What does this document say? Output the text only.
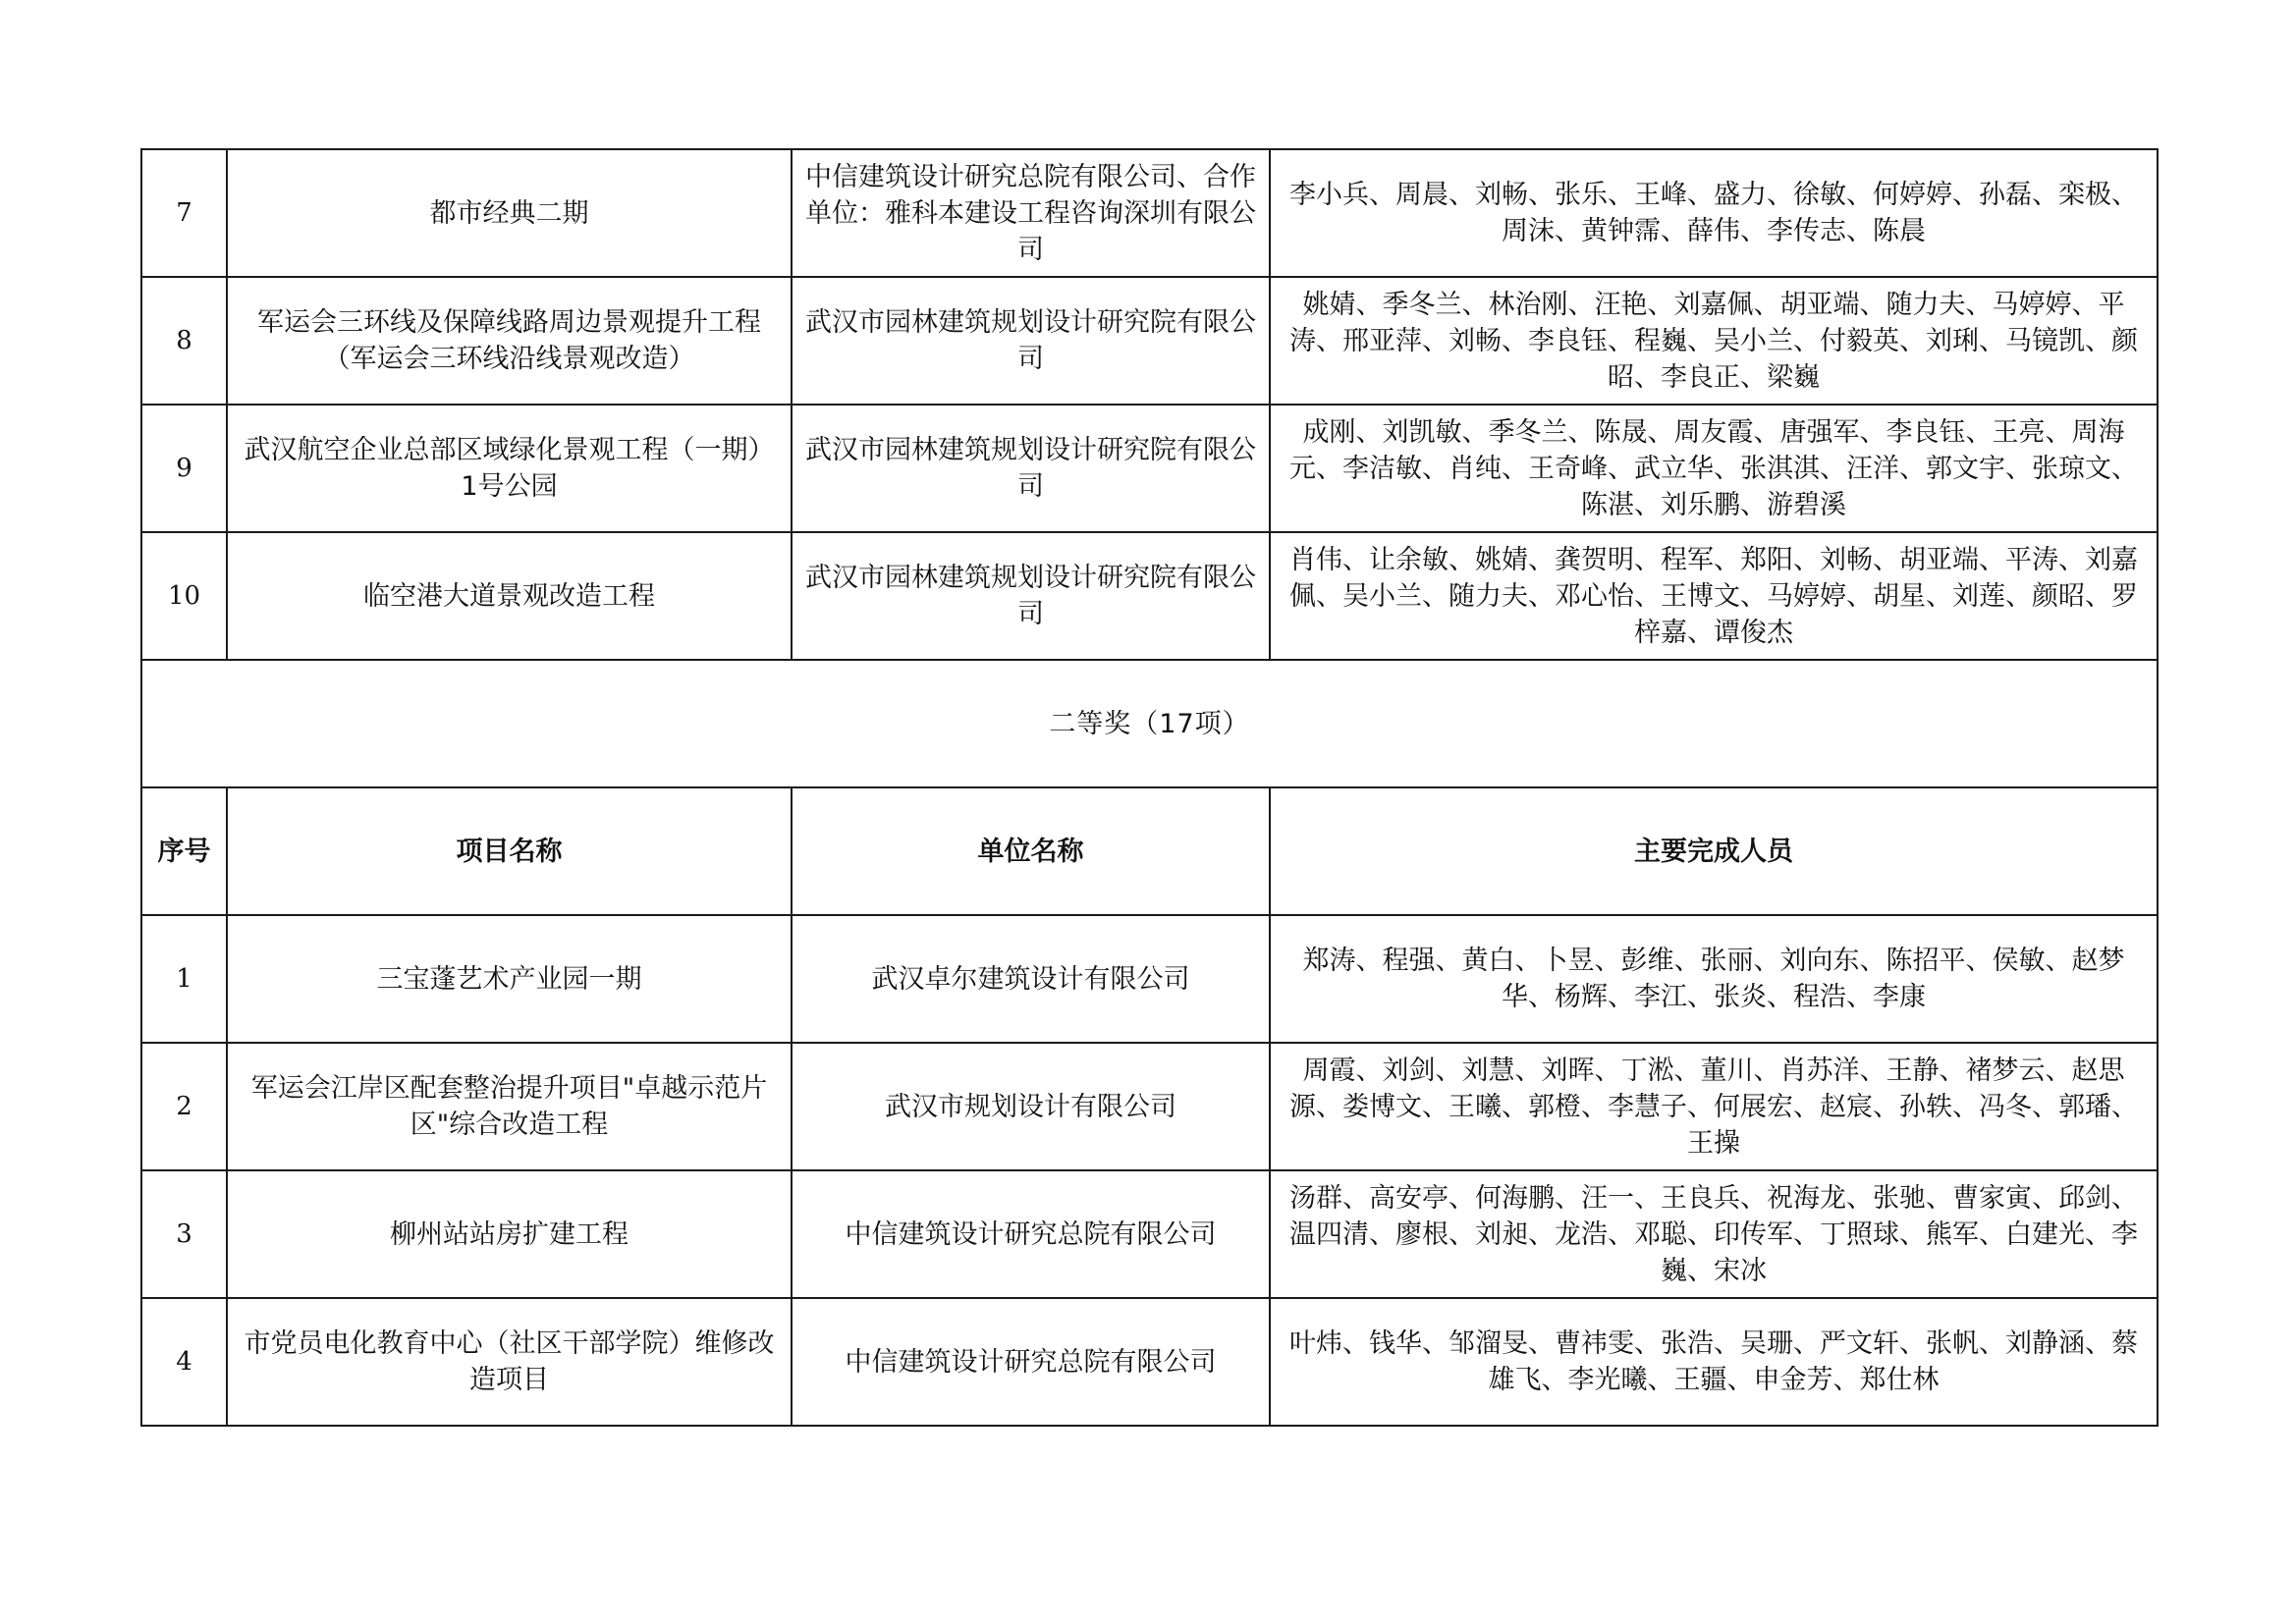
7	都市经典二期	中信建筑设计研究总院有限公司、合作单位：雅科本建设工程咨询深圳有限公司	李小兵、周晨、刘畅、张乐、王峰、盛力、徐敏、何婷婷、孙磊、栾极、周沫、黄钟霈、薛伟、李传志、陈晨
8	军运会三环线及保障线路周边景观提升工程（军运会三环线沿线景观改造）	武汉市园林建筑规划设计研究院有限公司	姚婧、季冬兰、林治刚、汪艳、刘嘉佩、胡亚端、随力夫、马婷婷、平涛、邢亚萍、刘畅、李良钰、程巍、吴小兰、付毅英、刘琍、马镜凯、颜昭、李良正、梁巍
9	武汉航空企业总部区域绿化景观工程（一期）1号公园	武汉市园林建筑规划设计研究院有限公司	成刚、刘凯敏、季冬兰、陈晟、周友霞、唐强军、李良钰、王亮、周海元、李洁敏、肖纯、王奇峰、武立华、张淇淇、汪洋、郭文宇、张琼文、陈湛、刘乐鹏、游碧溪
10	临空港大道景观改造工程	武汉市园林建筑规划设计研究院有限公司	肖伟、让余敏、姚婧、龚贺明、程军、郑阳、刘畅、胡亚端、平涛、刘嘉佩、吴小兰、随力夫、邓心怡、王博文、马婷婷、胡星、刘莲、颜昭、罗梓嘉、谭俊杰
二等奖（17项）			
序号	项目名称	单位名称	主要完成人员
1	三宝蓬艺术产业园一期	武汉卓尔建筑设计有限公司	郑涛、程强、黄白、卜昱、彭维、张丽、刘向东、陈招平、侯敏、赵梦华、杨辉、李江、张炎、程浩、李康
2	军运会江岸区配套整治提升项目"卓越示范片区"综合改造工程	武汉市规划设计有限公司	周霞、刘剑、刘慧、刘晖、丁淞、董川、肖苏洋、王静、褚梦云、赵思源、娄博文、王曦、郭橙、李慧子、何展宏、赵宸、孙轶、冯冬、郭璠、王操
3	柳州站站房扩建工程	中信建筑设计研究总院有限公司	汤群、高安亭、何海鹏、汪一、王良兵、祝海龙、张驰、曹家寅、邱剑、温四清、廖根、刘昶、龙浩、邓聪、印传军、丁照球、熊军、白建光、李巍、宋冰
4	市党员电化教育中心（社区干部学院）维修改造项目	中信建筑设计研究总院有限公司	叶炜、钱华、邹溜旻、曹祎雯、张浩、吴珊、严文轩、张帆、刘静涵、蔡雄飞、李光曦、王疆、申金芳、郑仕林
